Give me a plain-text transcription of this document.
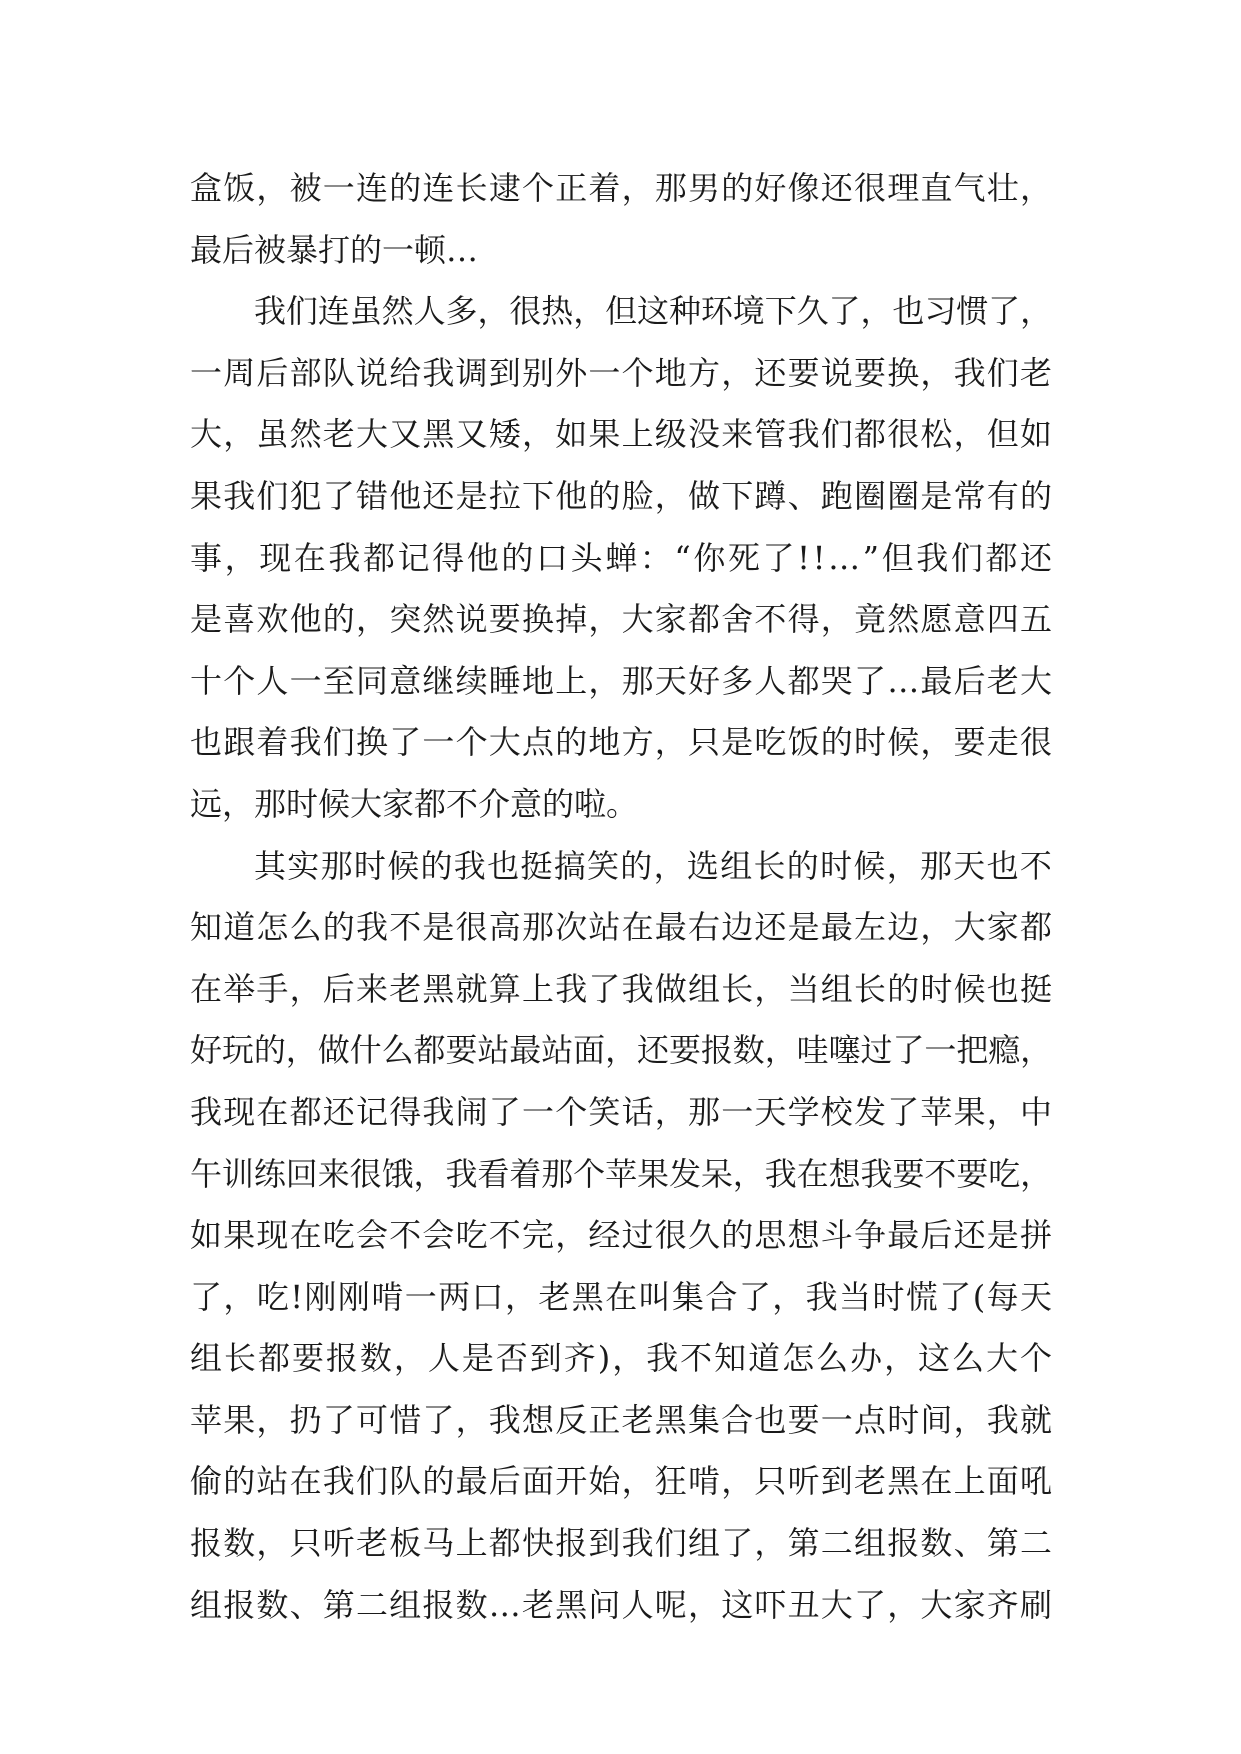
盒饭，被一连的连长逮个正着，那男的好像还很理直气壮，
最后被暴打的一顿…
我们连虽然人多，很热，但这种环境下久了，也习惯了，
一周后部队说给我调到别外一个地方，还要说要换，我们老
大，虽然老大又黑又矮，如果上级没来管我们都很松，但如
果我们犯了错他还是拉下他的脸，做下蹲、跑圈圈是常有的
事，现在我都记得他的口头蝉：“你死了!!…”但我们都还
是喜欢他的，突然说要换掉，大家都舍不得，竟然愿意四五
十个人一至同意继续睡地上，那天好多人都哭了…最后老大
也跟着我们换了一个大点的地方，只是吃饭的时候，要走很
远，那时候大家都不介意的啦。
其实那时候的我也挺搞笑的，选组长的时候，那天也不
知道怎么的我不是很高那次站在最右边还是最左边，大家都
在举手，后来老黑就算上我了我做组长，当组长的时候也挺
好玩的，做什么都要站最站面，还要报数，哇噻过了一把瘾，
我现在都还记得我闹了一个笑话，那一天学校发了苹果，中
午训练回来很饿，我看着那个苹果发呆，我在想我要不要吃，
如果现在吃会不会吃不完，经过很久的思想斗争最后还是拼
了，吃!刚刚啃一两口，老黑在叫集合了，我当时慌了(每天
组长都要报数，人是否到齐)，我不知道怎么办，这么大个
苹果，扔了可惜了，我想反正老黑集合也要一点时间，我就
偷的站在我们队的最后面开始，狂啃，只听到老黑在上面吼
报数，只听老板马上都快报到我们组了，第二组报数、第二
组报数、第二组报数…老黑问人呢，这吓丑大了，大家齐刷
